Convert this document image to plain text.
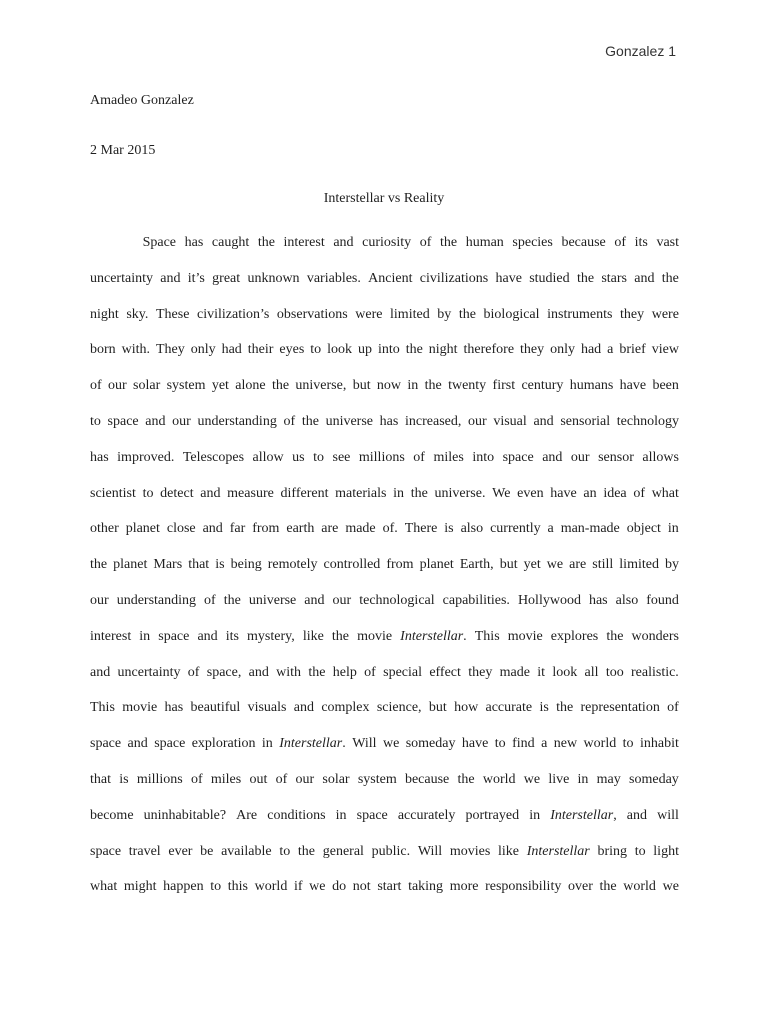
Gonzalez 1
Amadeo Gonzalez
2 Mar 2015
Interstellar vs Reality
Space has caught the interest and curiosity of the human species because of its vast
uncertainty and it’s great unknown variables. Ancient civilizations have studied the stars and the
night sky. These civilization’s observations were limited by the biological instruments they were
born with. They only had their eyes to look up into the night therefore they only had a brief view
of our solar system yet alone the universe, but now in the twenty first century humans have been
to space and our understanding of the universe has increased, our visual and sensorial technology
has improved. Telescopes allow us to see millions of miles into space and our sensor allows
scientist to detect and measure different materials in the universe. We even have an idea of what
other planet close and far from earth are made of. There is also currently a man-made object in
the planet Mars that is being remotely controlled from planet Earth, but yet we are still limited by
our understanding of the universe and our technological capabilities. Hollywood has also found
interest in space and its mystery, like the movie Interstellar. This movie explores the wonders
and uncertainty of space, and with the help of special effect they made it look all too realistic.
This movie has beautiful visuals and complex science, but how accurate is the representation of
space and space exploration in Interstellar. Will we someday have to find a new world to inhabit
that is millions of miles out of our solar system because the world we live in may someday
become uninhabitable? Are conditions in space accurately portrayed in Interstellar, and will
space travel ever be available to the general public. Will movies like Interstellar bring to light
what might happen to this world if we do not start taking more responsibility over the world we
